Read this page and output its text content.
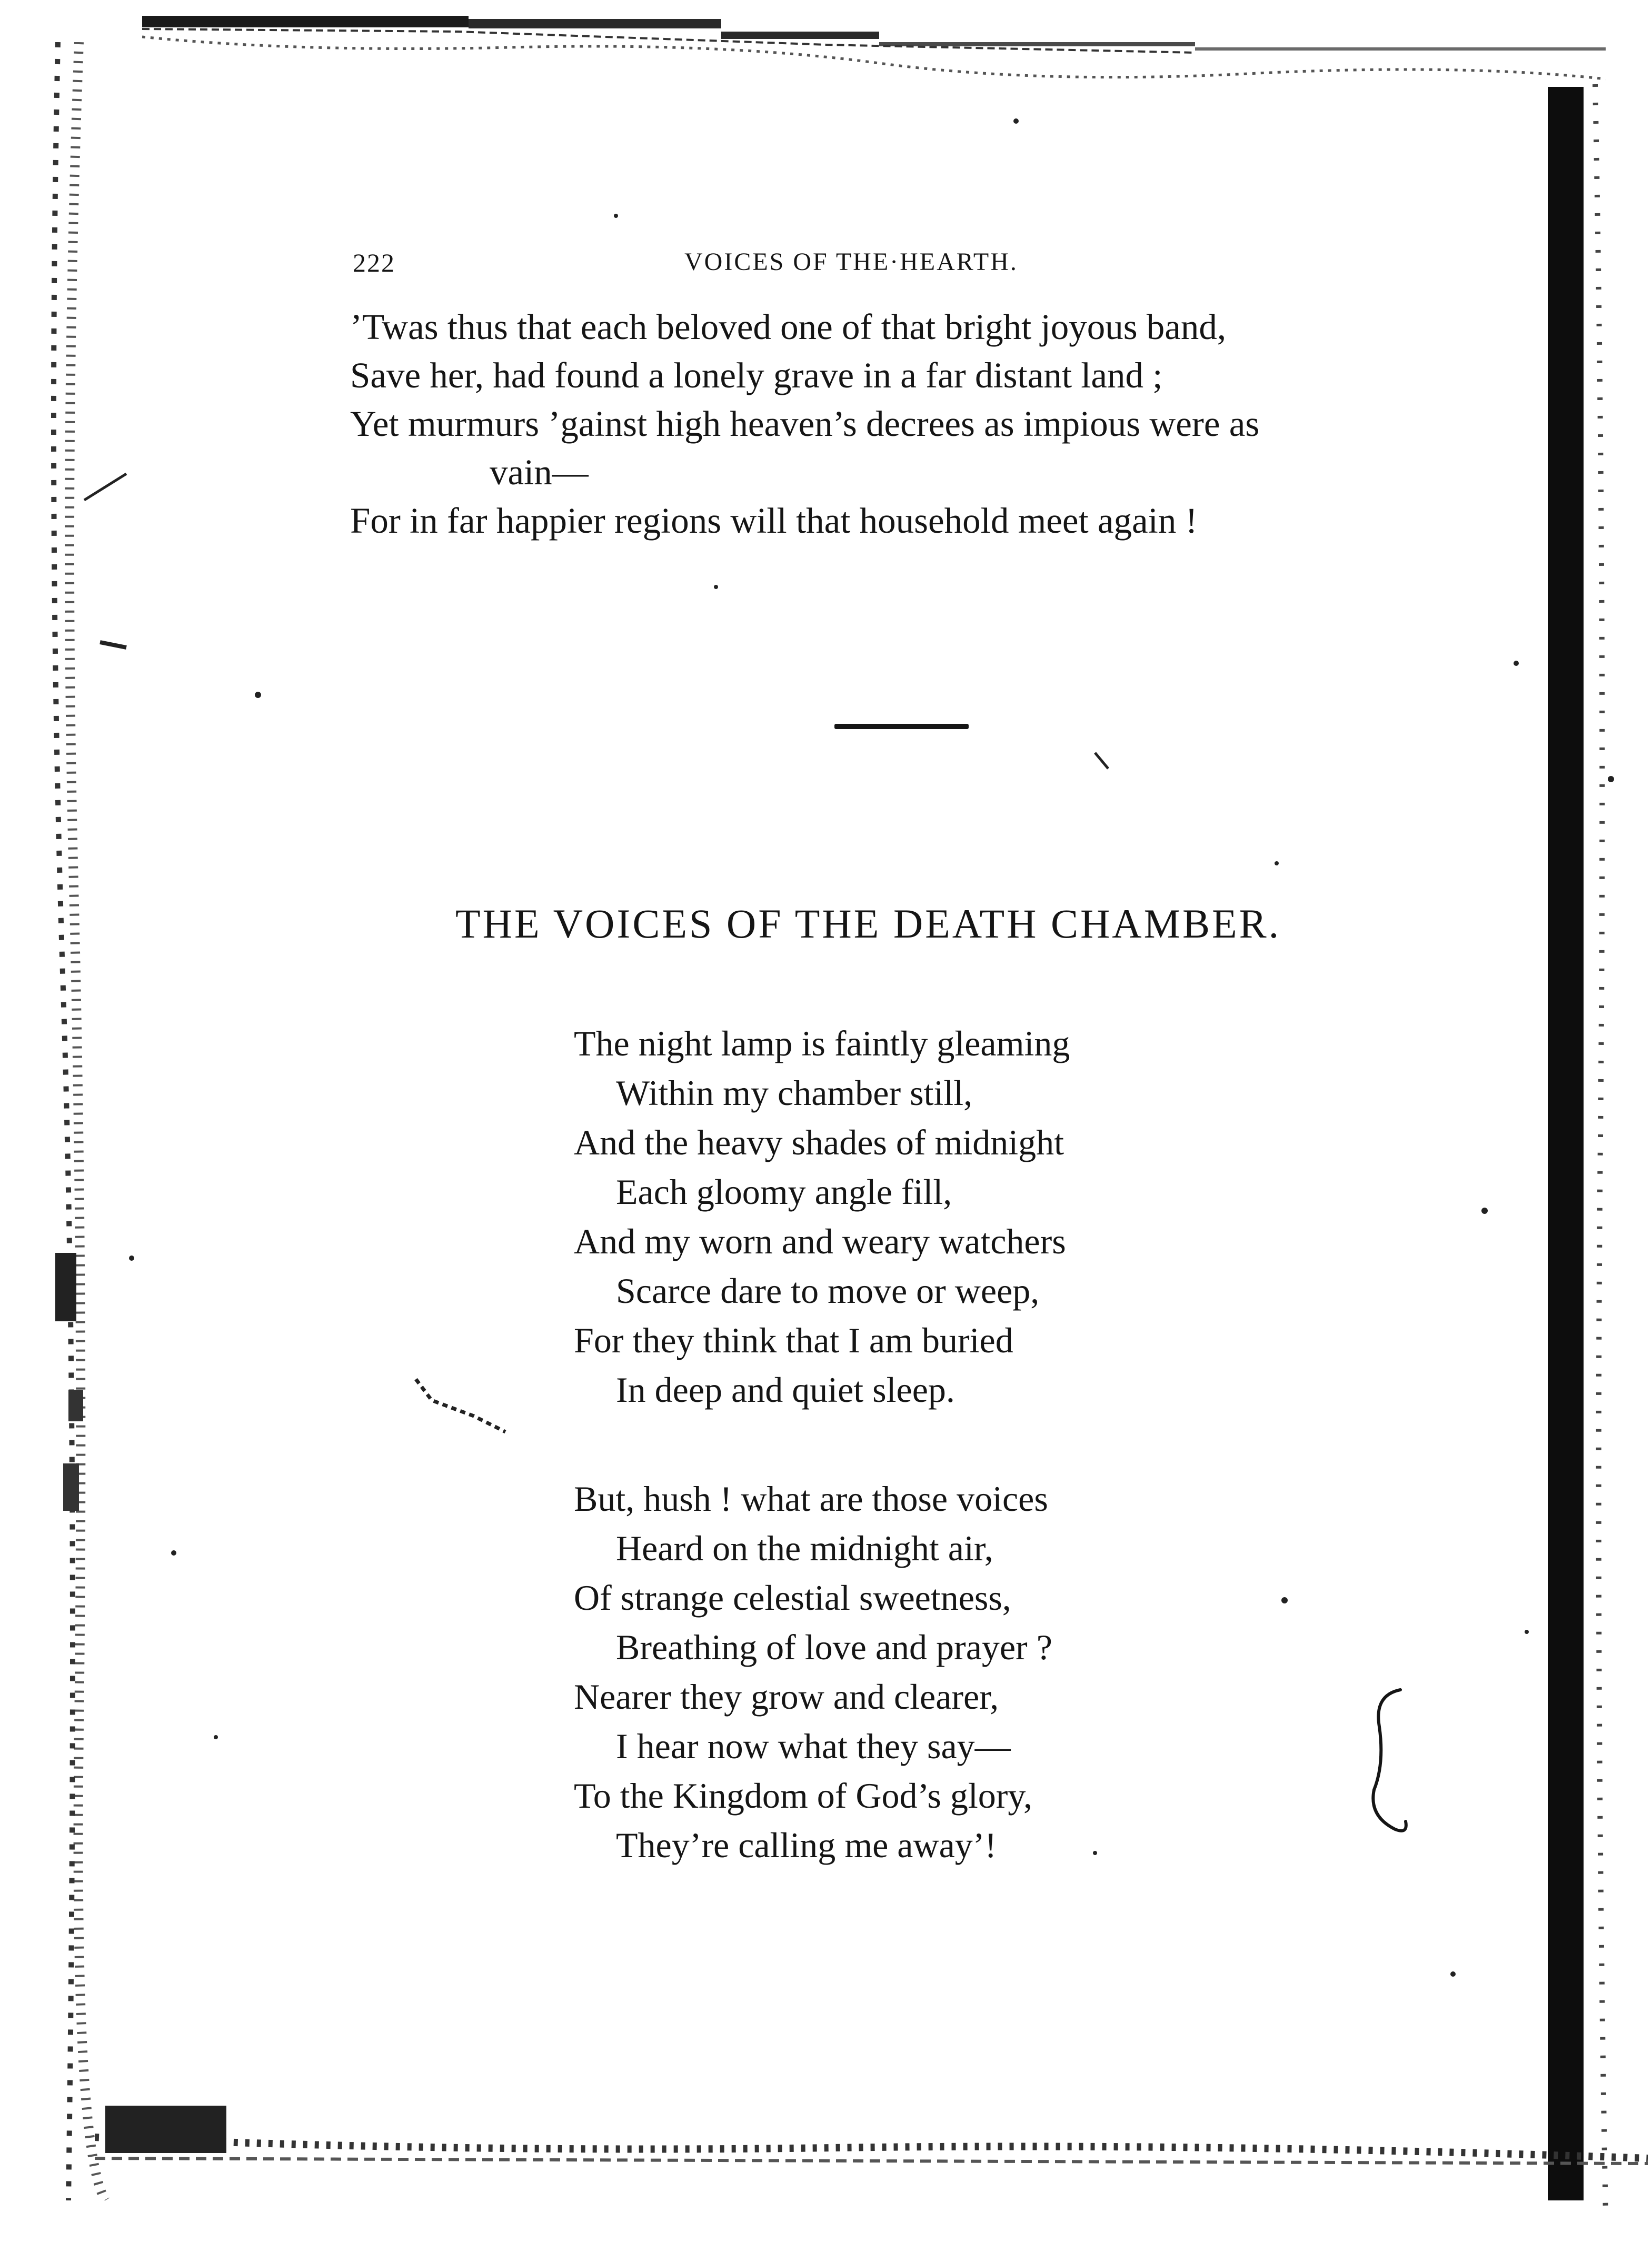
222	VOICES OF THE·HEARTH.
’Twas thus that each beloved one of that bright joyous band,
Save her, had found a lonely grave in a far distant land ;
Yet murmurs ’gainst high heaven’s decrees as impious were as
vain—
For in far happier regions will that household meet again !
THE VOICES OF THE DEATH CHAMBER.
The night lamp is faintly gleaming
Within my chamber still,
And the heavy shades of midnight
Each gloomy angle fill,
And my worn and weary watchers
Scarce dare to move or weep,
For they think that I am buried
In deep and quiet sleep.
But, hush ! what are those voices
Heard on the midnight air,
Of strange celestial sweetness,
Breathing of love and prayer ?
Nearer they grow and clearer,
I hear now what they say—
To the Kingdom of God’s glory,
They’re calling me away’!
